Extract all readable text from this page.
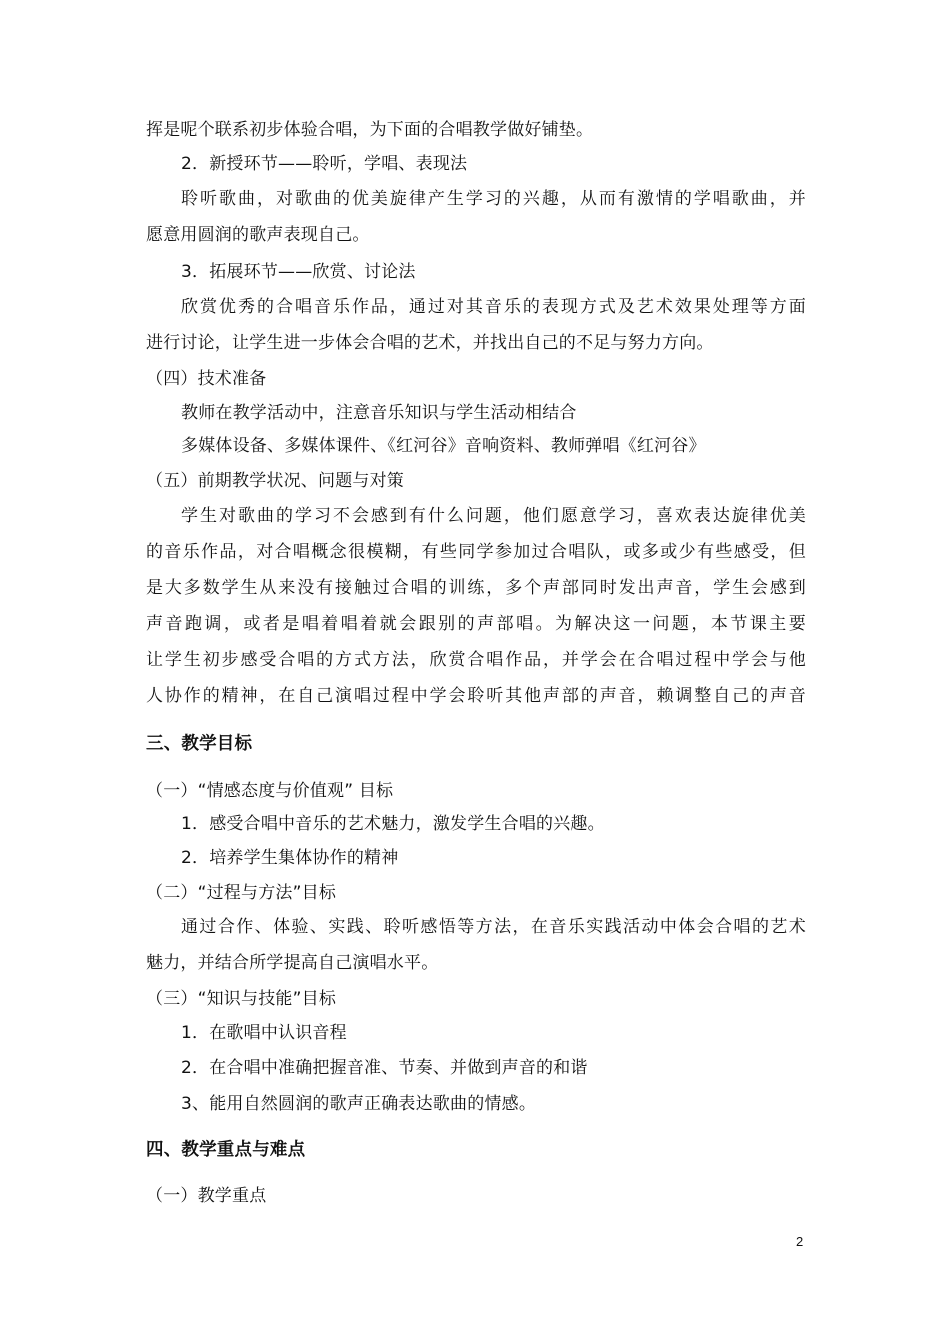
挥是呢个联系初步体验合唱，为下面的合唱教学做好铺垫。
2．新授环节——聆听，学唱、表现法
聆听歌曲，对歌曲的优美旋律产生学习的兴趣，从而有激情的学唱歌曲，并
愿意用圆润的歌声表现自己。
3．拓展环节——欣赏、讨论法
欣赏优秀的合唱音乐作品，通过对其音乐的表现方式及艺术效果处理等方面
进行讨论，让学生进一步体会合唱的艺术，并找出自己的不足与努力方向。
（四）技术准备
教师在教学活动中，注意音乐知识与学生活动相结合
多媒体设备、多媒体课件、《红河谷》音响资料、教师弹唱《红河谷》
（五）前期教学状况、问题与对策
学生对歌曲的学习不会感到有什么问题，他们愿意学习，喜欢表达旋律优美
的音乐作品，对合唱概念很模糊，有些同学参加过合唱队，或多或少有些感受，但
是大多数学生从来没有接触过合唱的训练，多个声部同时发出声音，学生会感到
声音跑调，或者是唱着唱着就会跟别的声部唱。为解决这一问题，本节课主要
让学生初步感受合唱的方式方法，欣赏合唱作品，并学会在合唱过程中学会与他
人协作的精神，在自己演唱过程中学会聆听其他声部的声音，赖调整自己的声音
三、教学目标
（一）“情感态度与价值观” 目标
1．感受合唱中音乐的艺术魅力，激发学生合唱的兴趣。
2．培养学生集体协作的精神
（二）“过程与方法”目标
通过合作、体验、实践、聆听感悟等方法，在音乐实践活动中体会合唱的艺术
魅力，并结合所学提高自己演唱水平。
（三）“知识与技能”目标
1．在歌唱中认识音程
2．在合唱中准确把握音准、节奏、并做到声音的和谐
3、能用自然圆润的歌声正确表达歌曲的情感。
四、教学重点与难点
（一）教学重点
2
